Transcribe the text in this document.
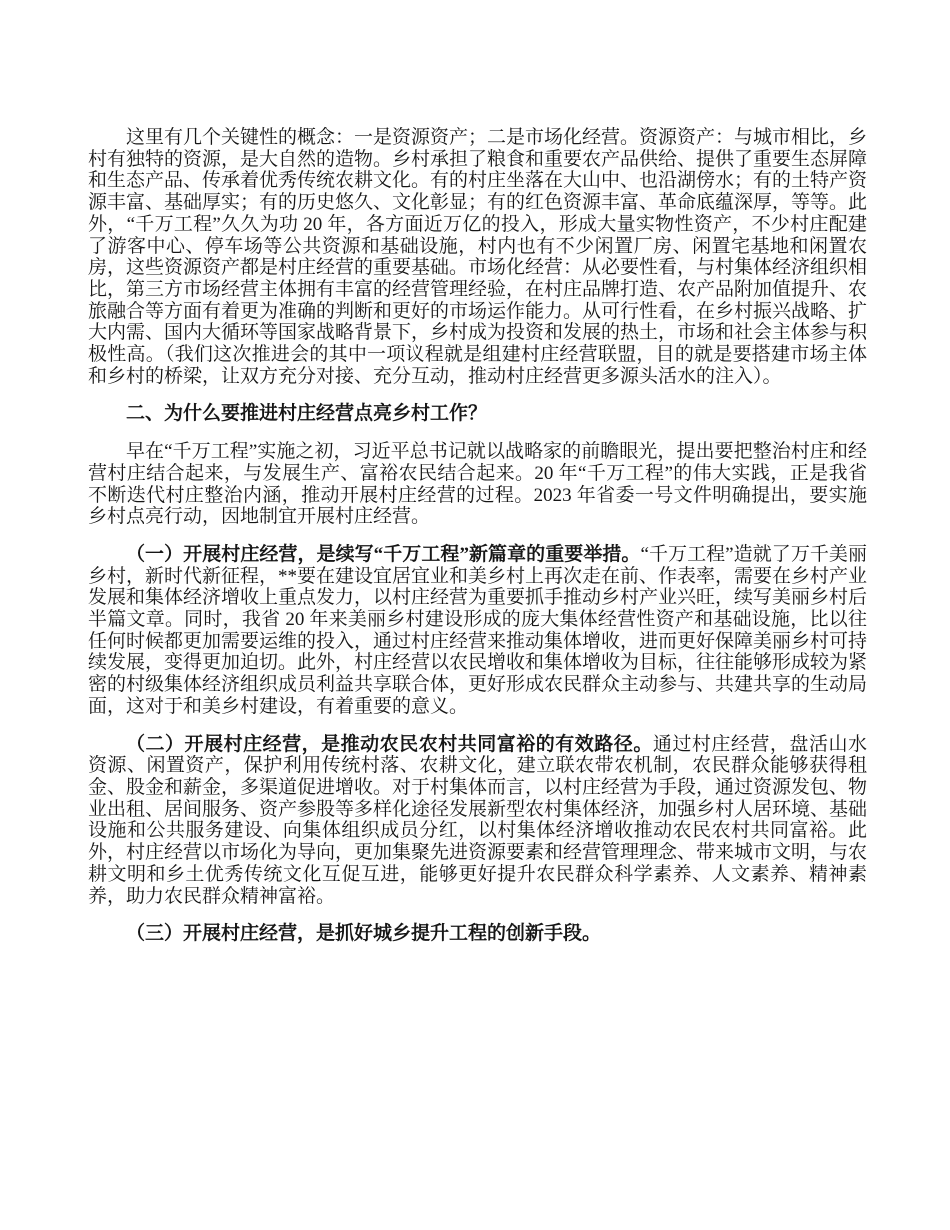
这里有几个关键性的概念：一是资源资产；二是市场化经营。资源资产：与城市相比，乡村有独特的资源，是大自然的造物。乡村承担了粮食和重要农产品供给、提供了重要生态屏障和生态产品、传承着优秀传统农耕文化。有的村庄坐落在大山中、也沿湖傍水；有的土特产资源丰富、基础厚实；有的历史悠久、文化彰显；有的红色资源丰富、革命底蕴深厚，等等。此外，“千万工程”久久为功 20 年，各方面近万亿的投入，形成大量实物性资产，不少村庄配建了游客中心、停车场等公共资源和基础设施，村内也有不少闲置厂房、闲置宅基地和闲置农房，这些资源资产都是村庄经营的重要基础。市场化经营：从必要性看，与村集体经济组织相比，第三方市场经营主体拥有丰富的经营管理经验，在村庄品牌打造、农产品附加值提升、农旅融合等方面有着更为准确的判断和更好的市场运作能力。从可行性看，在乡村振兴战略、扩大内需、国内大循环等国家战略背景下，乡村成为投资和发展的热土，市场和社会主体参与积极性高。（我们这次推进会的其中一项议程就是组建村庄经营联盟，目的就是要搭建市场主体和乡村的桥梁，让双方充分对接、充分互动，推动村庄经营更多源头活水的注入）。

二、为什么要推进村庄经营点亮乡村工作？

早在“千万工程”实施之初，习近平总书记就以战略家的前瞻眼光，提出要把整治村庄和经营村庄结合起来，与发展生产、富裕农民结合起来。20 年“千万工程”的伟大实践，正是我省不断迭代村庄整治内涵，推动开展村庄经营的过程。2023 年省委一号文件明确提出，要实施乡村点亮行动，因地制宜开展村庄经营。

（一）开展村庄经营，是续写“千万工程”新篇章的重要举措。“千万工程”造就了万千美丽乡村，新时代新征程，**要在建设宜居宜业和美乡村上再次走在前、作表率，需要在乡村产业发展和集体经济增收上重点发力，以村庄经营为重要抓手推动乡村产业兴旺，续写美丽乡村后半篇文章。同时，我省 20 年来美丽乡村建设形成的庞大集体经营性资产和基础设施，比以往任何时候都更加需要运维的投入，通过村庄经营来推动集体增收，进而更好保障美丽乡村可持续发展，变得更加迫切。此外，村庄经营以农民增收和集体增收为目标，往往能够形成较为紧密的村级集体经济组织成员利益共享联合体，更好形成农民群众主动参与、共建共享的生动局面，这对于和美乡村建设，有着重要的意义。

（二）开展村庄经营，是推动农民农村共同富裕的有效路径。通过村庄经营，盘活山水资源、闲置资产，保护利用传统村落、农耕文化，建立联农带农机制，农民群众能够获得租金、股金和薪金，多渠道促进增收。对于村集体而言，以村庄经营为手段，通过资源发包、物业出租、居间服务、资产参股等多样化途径发展新型农村集体经济，加强乡村人居环境、基础设施和公共服务建设、向集体组织成员分红，以村集体经济增收推动农民农村共同富裕。此外，村庄经营以市场化为导向，更加集聚先进资源要素和经营管理理念、带来城市文明，与农耕文明和乡土优秀传统文化互促互进，能够更好提升农民群众科学素养、人文素养、精神素养，助力农民群众精神富裕。

（三）开展村庄经营，是抓好城乡提升工程的创新手段。
